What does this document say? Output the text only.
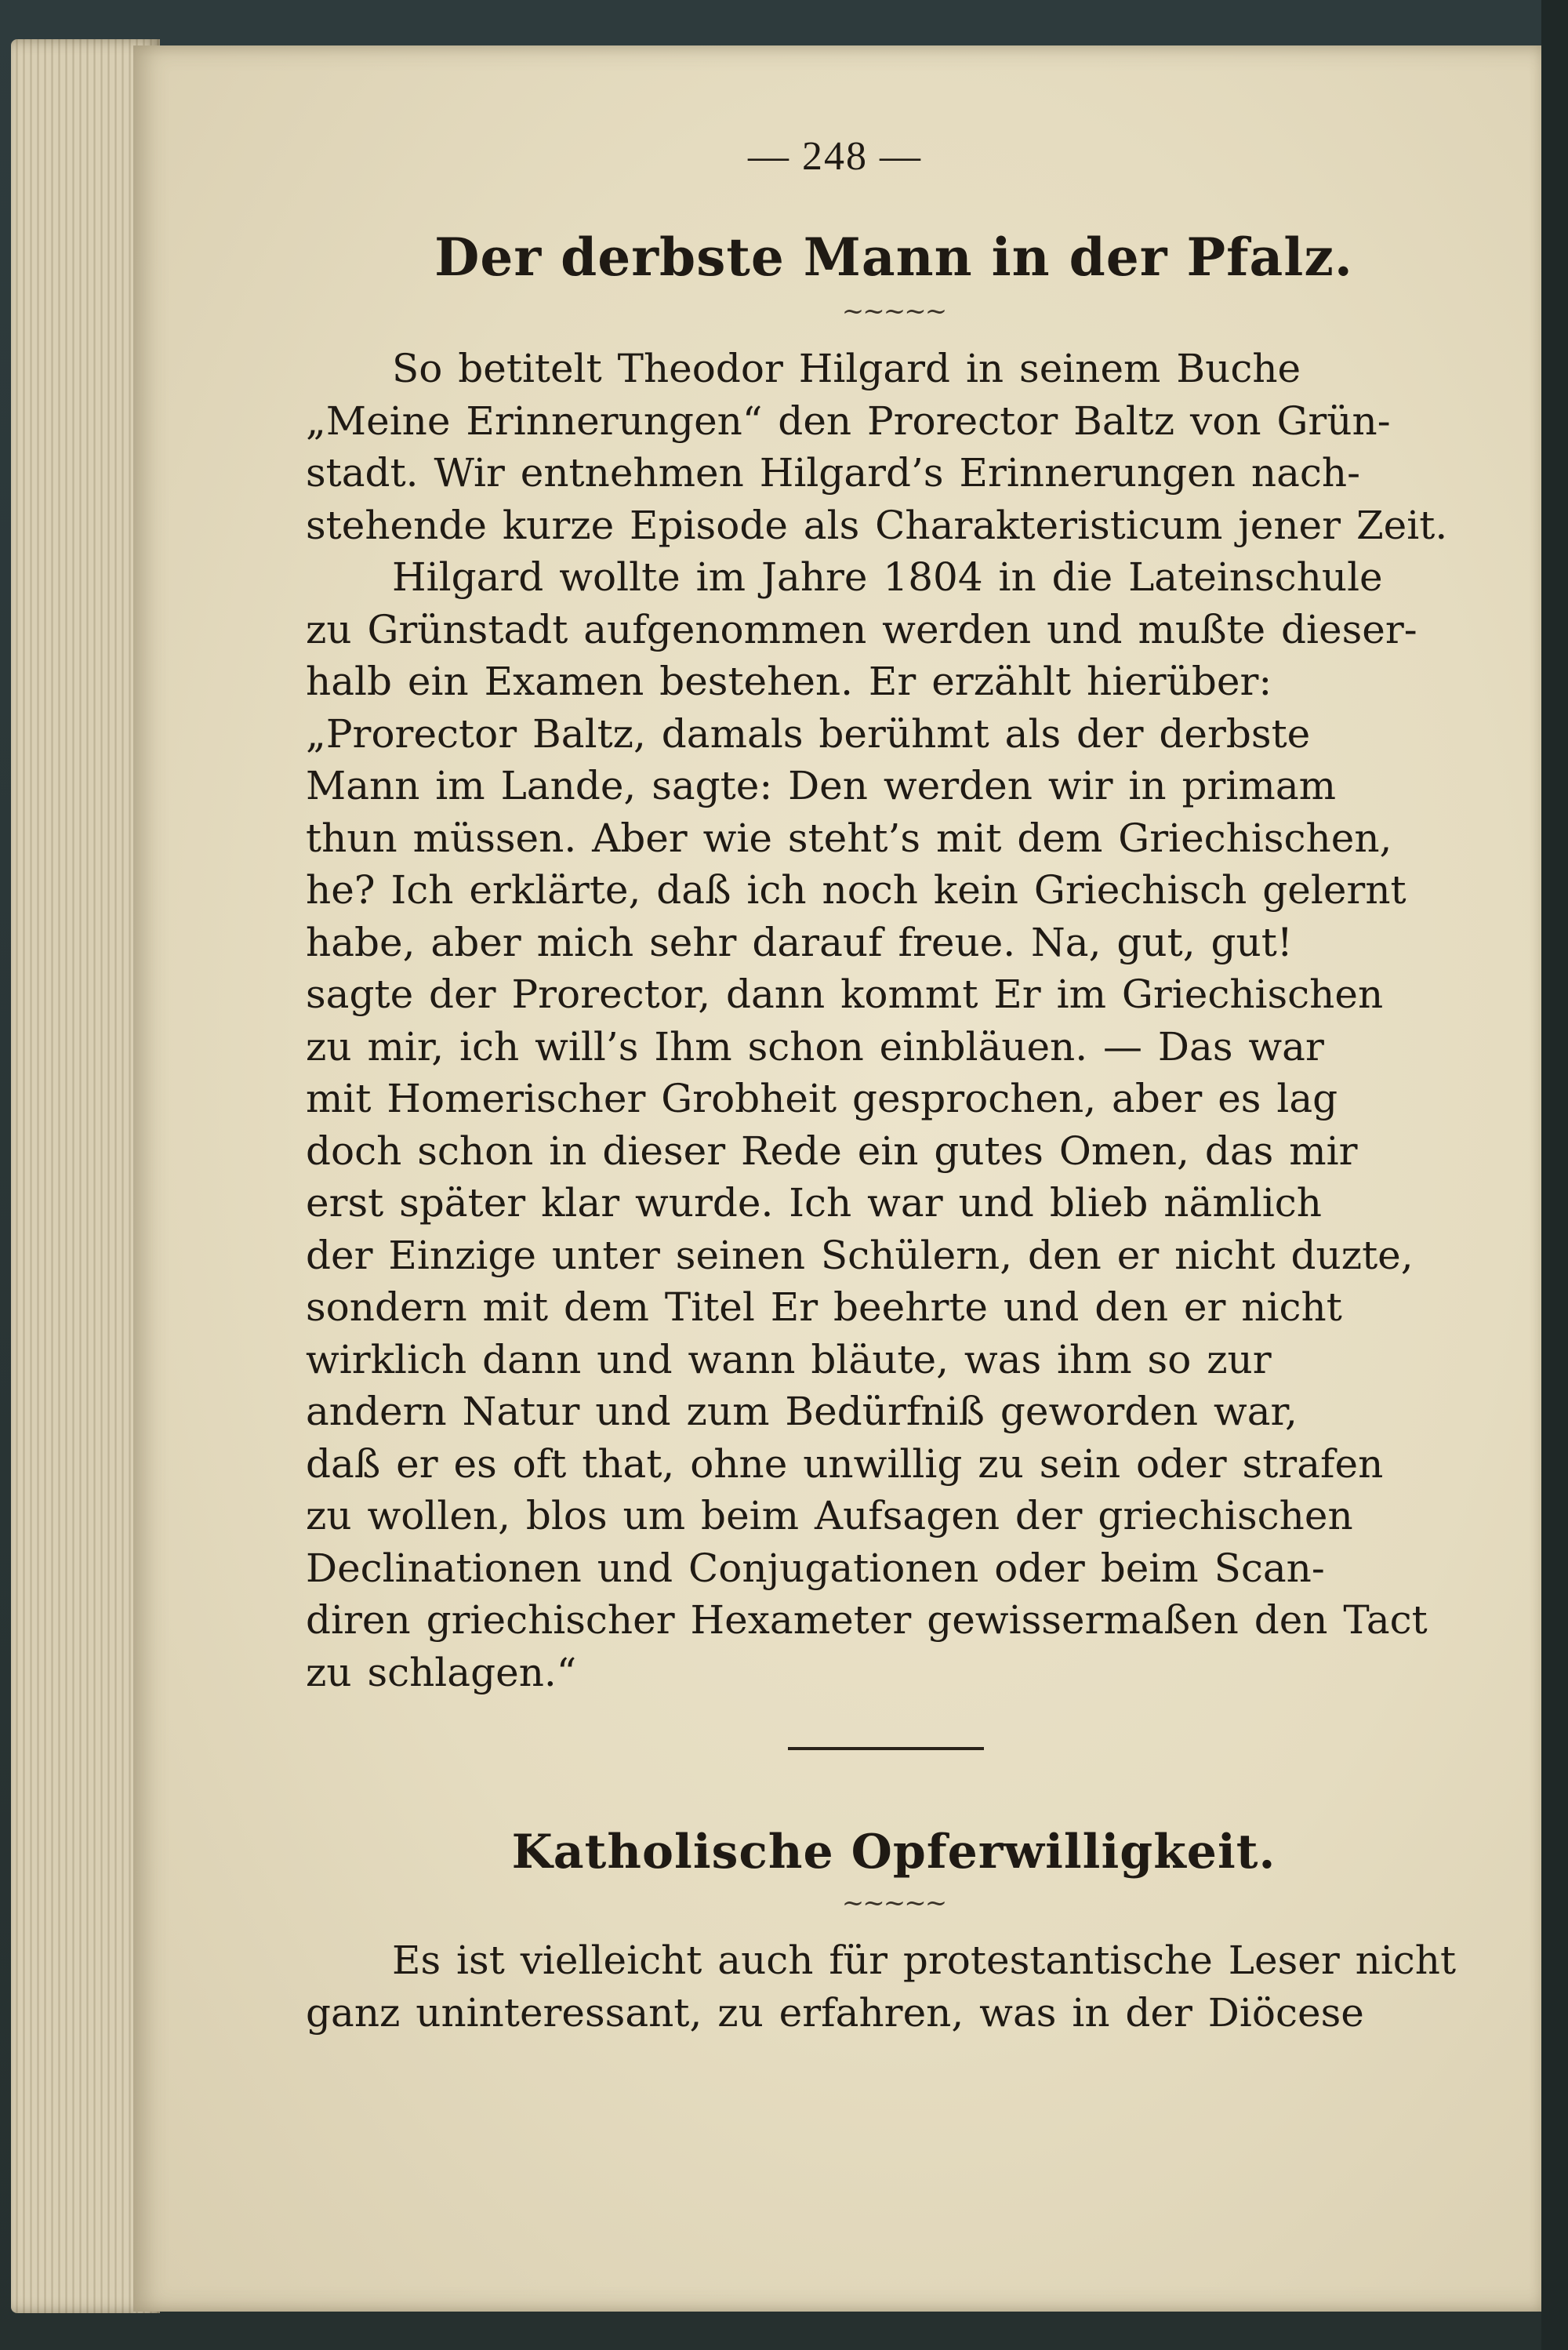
— 248 —
Der derbste Mann in der Pfalz.
~~~~~

So betitelt Theodor Hilgard in seinem Buche
„Meine Erinnerungen“ den Prorector Baltz von Grün-
stadt. Wir entnehmen Hilgard’s Erinnerungen nach-
stehende kurze Episode als Charakteristicum jener Zeit.
Hilgard wollte im Jahre 1804 in die Lateinschule
zu Grünstadt aufgenommen werden und mußte dieser-
halb ein Examen bestehen. Er erzählt hierüber:
„Prorector Baltz, damals berühmt als der derbste
Mann im Lande, sagte: Den werden wir in primam
thun müssen. Aber wie steht’s mit dem Griechischen,
he? Ich erklärte, daß ich noch kein Griechisch gelernt
habe, aber mich sehr darauf freue. Na, gut, gut!
sagte der Prorector, dann kommt Er im Griechischen
zu mir, ich will’s Ihm schon einbläuen. — Das war
mit Homerischer Grobheit gesprochen, aber es lag
doch schon in dieser Rede ein gutes Omen, das mir
erst später klar wurde. Ich war und blieb nämlich
der Einzige unter seinen Schülern, den er nicht duzte,
sondern mit dem Titel Er beehrte und den er nicht
wirklich dann und wann bläute, was ihm so zur
andern Natur und zum Bedürfniß geworden war,
daß er es oft that, ohne unwillig zu sein oder strafen
zu wollen, blos um beim Aufsagen der griechischen
Declinationen und Conjugationen oder beim Scan-
diren griechischer Hexameter gewissermaßen den Tact
zu schlagen.“

Katholische Opferwilligkeit.
~~~~~

Es ist vielleicht auch für protestantische Leser nicht
ganz uninteressant, zu erfahren, was in der Diöcese
